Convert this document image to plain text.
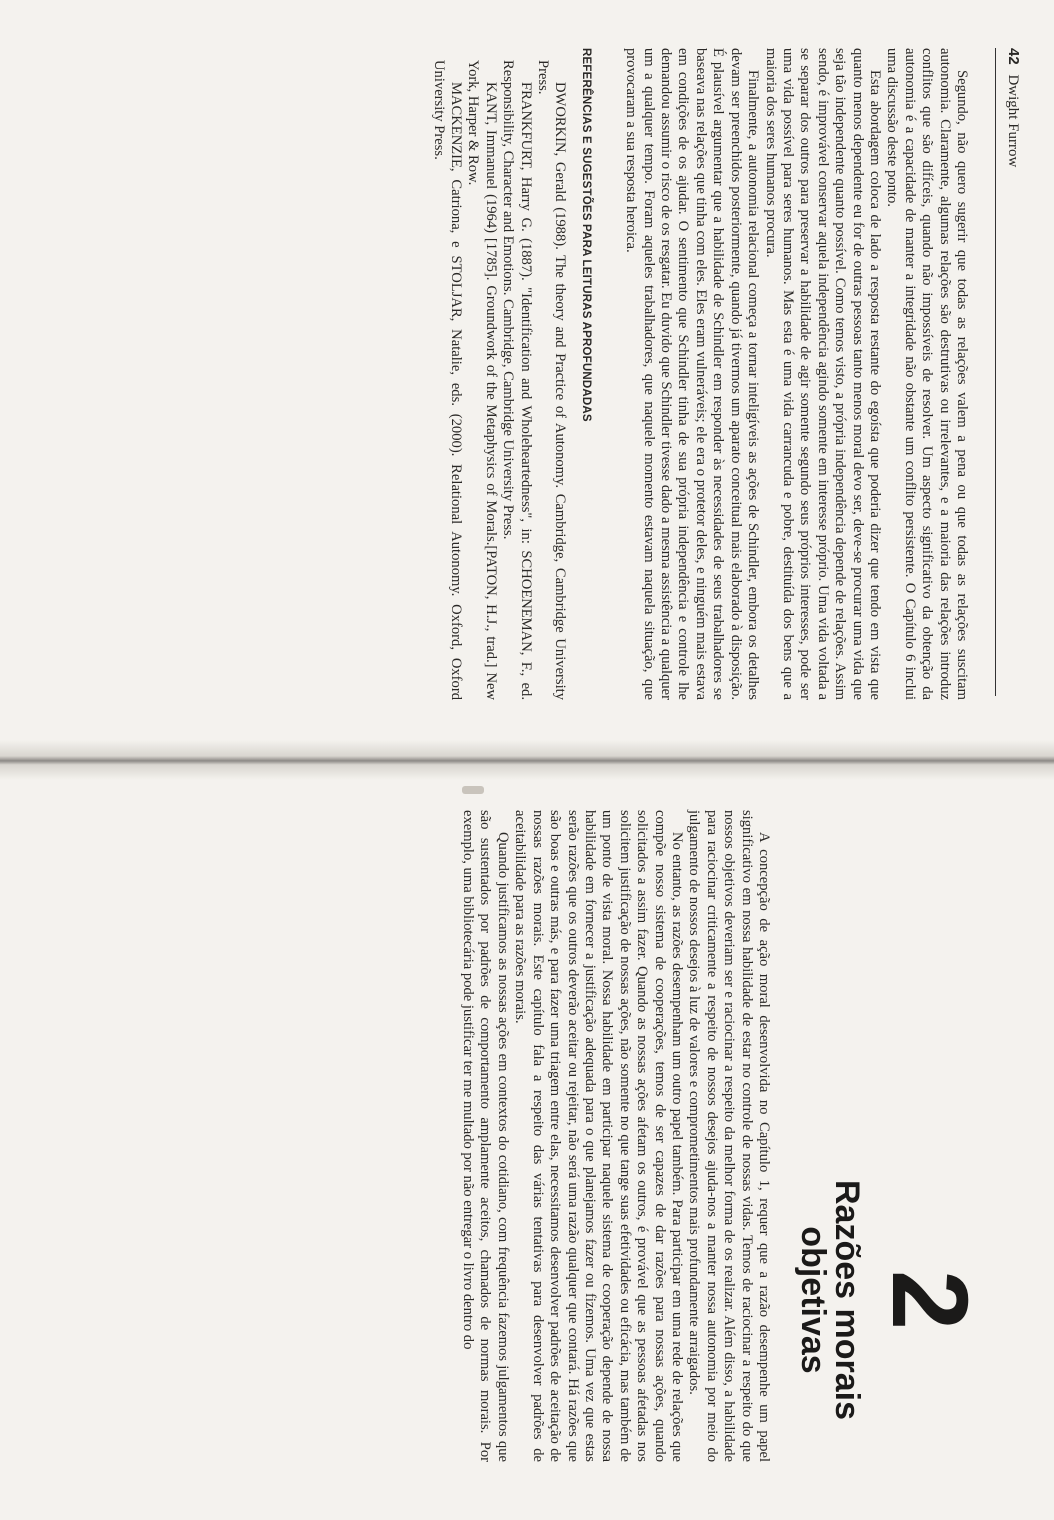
42 Dwight Furrow

Segundo, não quero sugerir que todas as relações valem a pena ou que todas as relações suscitam autonomia. Claramente, algumas relações são destrutivas ou irrelevantes, e a maioria das relações introduz conflitos que são difíceis, quando não impossíveis de resolver. Um aspecto significativo da obtenção da autonomia é a capacidade de manter a integridade não obstante um conflito persistente. O Capítulo 6 inclui uma discussão deste ponto.

Esta abordagem coloca de lado a resposta restante do egoísta que poderia dizer que tendo em vista que quanto menos dependente eu for de outras pessoas tanto menos moral devo ser, deve-se procurar uma vida que seja tão independente quanto possível. Como temos visto, a própria independência depende de relações. Assim sendo, é improvável conservar aquela independência agindo somente em interesse próprio. Uma vida voltada a se separar dos outros para preservar a habilidade de agir somente segundo seus próprios interesses, pode ser uma vida possível para seres humanos. Mas esta é uma vida carrancuda e pobre, destituída dos bens que a maioria dos seres humanos procura.

Finalmente, a autonomia relacional começa a tornar inteligíveis as ações de Schindler, embora os detalhes devam ser preenchidos posteriormente, quando já tivermos um aparato conceitual mais elaborado à disposição. É plausível argumentar que a habilidade de Schindler em responder às necessidades de seus trabalhadores se baseava nas relações que tinha com eles. Eles eram vulneráveis; ele era o protetor deles, e ninguém mais estava em condições de os ajudar. O sentimento que Schindler tinha de sua própria independência e controle lhe demandou assumir o risco de os resgatar. Eu duvido que Schindler tivesse dado a mesma assistência a qualquer um a qualquer tempo. Foram aqueles trabalhadores, que naquele momento estavam naquela situação, que provocaram a sua resposta heroica.

REFERÊNCIAS E SUGESTÕES PARA LEITURAS APROFUNDADAS

DWORKIN, Gerald (1988). The theory and Practice of Autonomy. Cambridge, Cambridge University Press.

FRANKFURT, Harry G. (1887). "Identification and Wholeheartedness", in: SCHOENEMAN, F., ed. Responsibility, Character and Emotions. Cambridge, Cambridge University Press.

KANT, Immanuel (1964) [1785]. Groundwork of the Metaphysics of Morals.[PATON, H.J., trad.] New York, Harper & Row.

MACKENZIE, Catriona, e STOLJAR, Natalie, eds. (2000). Relational Autonomy. Oxford, Oxford University Press.

2
Razões morais
objetivas

A concepção de ação moral desenvolvida no Capítulo 1, requer que a razão desempenhe um papel significativo em nossa habilidade de estar no controle de nossas vidas. Temos de raciocinar a respeito do que nossos objetivos deveriam ser e raciocinar a respeito da melhor forma de os realizar. Além disso, a habilidade para raciocinar criticamente a respeito de nossos desejos ajuda-nos a manter nossa autonomia por meio do julgamento de nossos desejos à luz de valores e comprometimentos mais profundamente arraigados.

No entanto, as razões desempenham um outro papel também. Para participar em uma rede de relações que compõe nosso sistema de cooperações, temos de ser capazes de dar razões para nossas ações, quando solicitados a assim fazer. Quando as nossas ações afetam os outros, é provável que as pessoas afetadas nos solicitem justificação de nossas ações, não somente no que tange suas efetividades ou eficácia, mas também de um ponto de vista moral. Nossa habilidade em participar naquele sistema de cooperação depende de nossa habilidade em fornecer a justificação adequada para o que planejamos fazer ou fizemos. Uma vez que estas serão razões que os outros deverão aceitar ou rejeitar, não será uma razão qualquer que contará. Há razões que são boas e outras más, e para fazer uma triagem entre elas, necessitamos desenvolver padrões de aceitação de nossas razões morais. Este capítulo fala a respeito das várias tentativas para desenvolver padrões de aceitabilidade para as razões morais.

Quando justificamos as nossas ações em contextos do cotidiano, com frequência fazemos julgamentos que são sustentados por padrões de comportamento amplamente aceitos, chamados de normas morais. Por exemplo, uma bibliotecária pode justificar ter me multado por não entregar o livro dentro do
